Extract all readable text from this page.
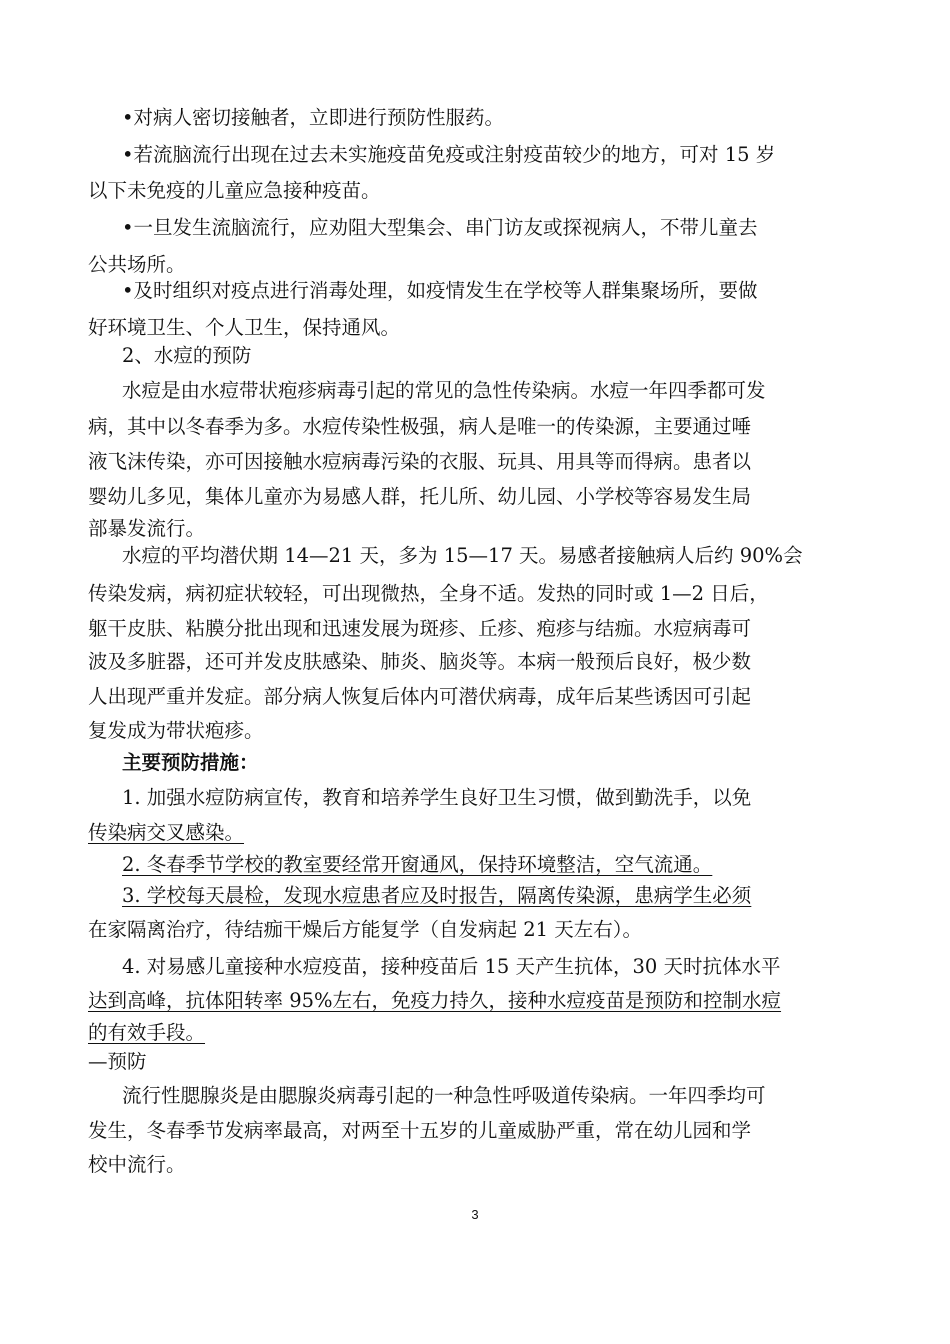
•对病人密切接触者，立即进行预防性服药。
•若流脑流行出现在过去未实施疫苗免疫或注射疫苗较少的地方，可对 15 岁
以下未免疫的儿童应急接种疫苗。
•一旦发生流脑流行，应劝阻大型集会、串门访友或探视病人，不带儿童去
公共场所。
•及时组织对疫点进行消毒处理，如疫情发生在学校等人群集聚场所，要做
好环境卫生、个人卫生，保持通风。
2、水痘的预防
水痘是由水痘带状疱疹病毒引起的常见的急性传染病。水痘一年四季都可发
病，其中以冬春季为多。水痘传染性极强，病人是唯一的传染源，主要通过唾
液飞沫传染，亦可因接触水痘病毒污染的衣服、玩具、用具等而得病。患者以
婴幼儿多见，集体儿童亦为易感人群，托儿所、幼儿园、小学校等容易发生局
部暴发流行。
水痘的平均潜伏期 14—21 天，多为 15—17 天。易感者接触病人后约 90%会
传染发病，病初症状较轻，可出现微热，全身不适。发热的同时或 1—2 日后，
躯干皮肤、粘膜分批出现和迅速发展为斑疹、丘疹、疱疹与结痂。水痘病毒可
波及多脏器，还可并发皮肤感染、肺炎、脑炎等。本病一般预后良好，极少数
人出现严重并发症。部分病人恢复后体内可潜伏病毒，成年后某些诱因可引起
复发成为带状疱疹。
主要预防措施：
1. 加强水痘防病宣传，教育和培养学生良好卫生习惯，做到勤洗手，以免
传染病交叉感染。
2. 冬春季节学校的教室要经常开窗通风，保持环境整洁，空气流通。
3. 学校每天晨检，发现水痘患者应及时报告，隔离传染源，患病学生必须
在家隔离治疗，待结痂干燥后方能复学（自发病起 21 天左右）。
4. 对易感儿童接种水痘疫苗，接种疫苗后 15 天产生抗体，30 天时抗体水平
达到高峰，抗体阳转率 95%左右，免疫力持久，接种水痘疫苗是预防和控制水痘
的有效手段。
—预防
流行性腮腺炎是由腮腺炎病毒引起的一种急性呼吸道传染病。一年四季均可
发生，冬春季节发病率最高，对两至十五岁的儿童威胁严重，常在幼儿园和学
校中流行。
3
